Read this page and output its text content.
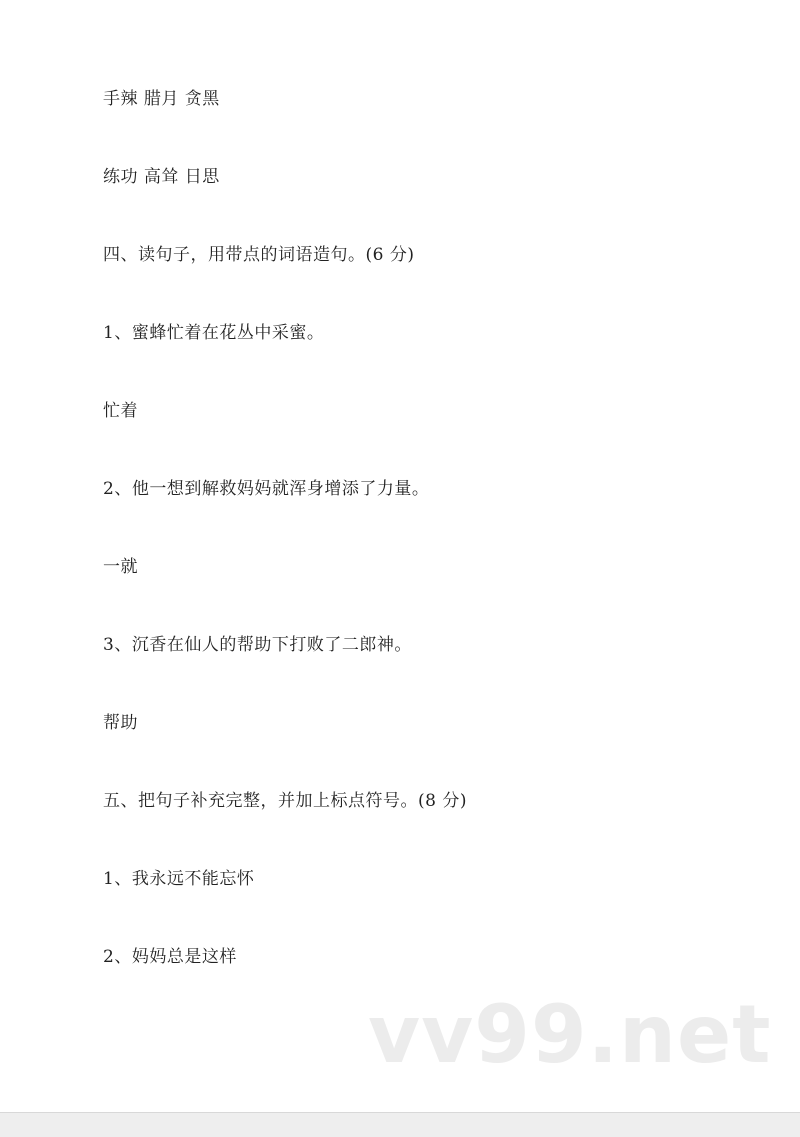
手辣 腊月 贪黑
练功 高耸 日思
四、读句子，用带点的词语造句。(6 分)
1、蜜蜂忙着在花丛中采蜜。
忙着
2、他一想到解救妈妈就浑身增添了力量。
一就
3、沉香在仙人的帮助下打败了二郎神。
帮助
五、把句子补充完整，并加上标点符号。(8 分)
1、我永远不能忘怀
2、妈妈总是这样
vv99.net
